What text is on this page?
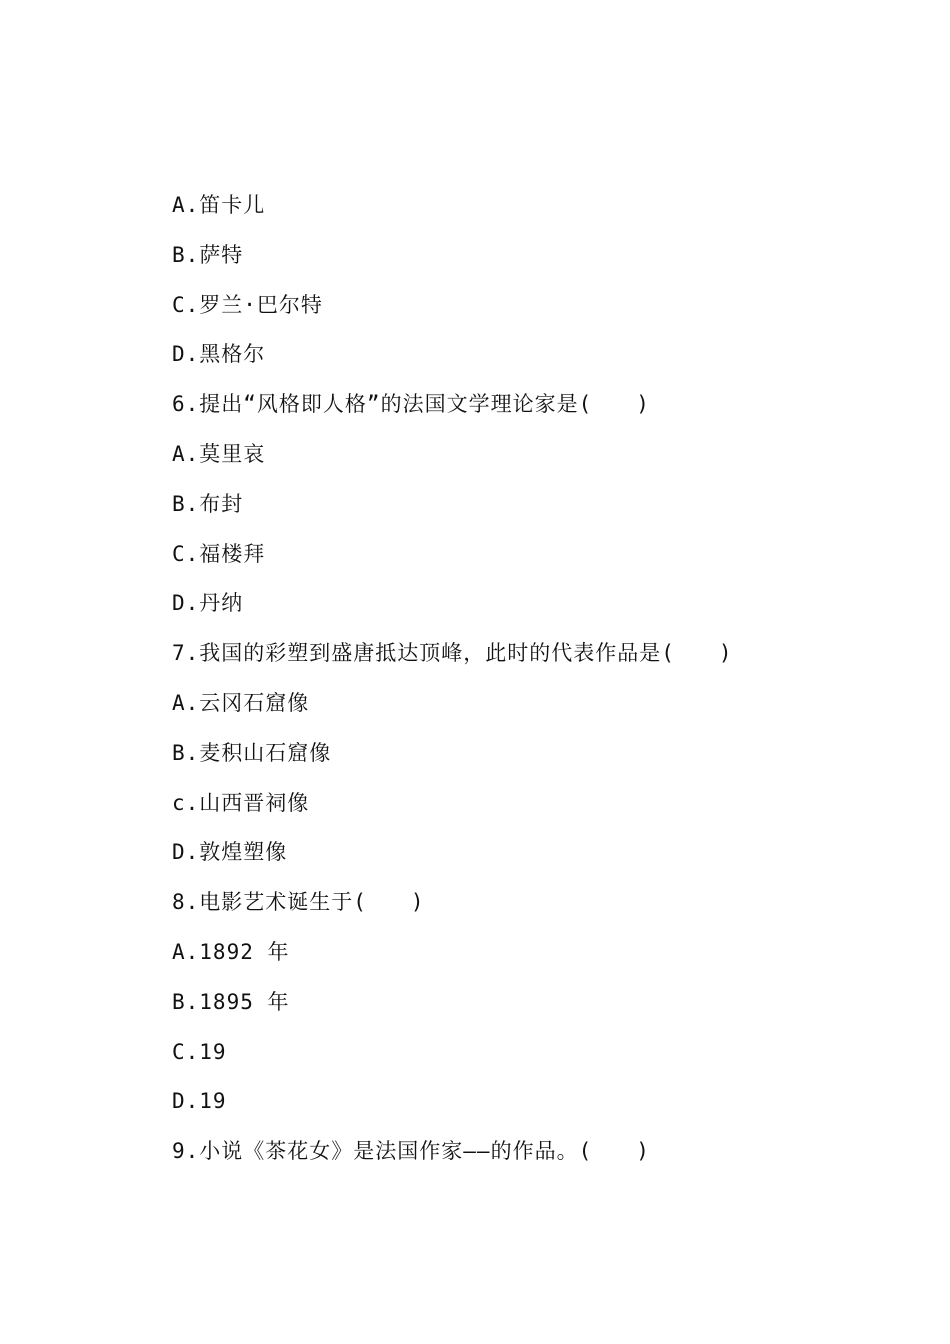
A.笛卡儿
B.萨特
C.罗兰·巴尔特
D.黑格尔
6.提出“风格即人格”的法国文学理论家是(　　)
A.莫里哀
B.布封
C.福楼拜
D.丹纳
7.我国的彩塑到盛唐抵达顶峰，此时的代表作品是(　　)
A.云冈石窟像
B.麦积山石窟像
c.山西晋祠像
D.敦煌塑像
8.电影艺术诞生于(　　)
A.1892 年
B.1895 年
C.19
D.19
9.小说《茶花女》是法国作家——的作品。(　　)
